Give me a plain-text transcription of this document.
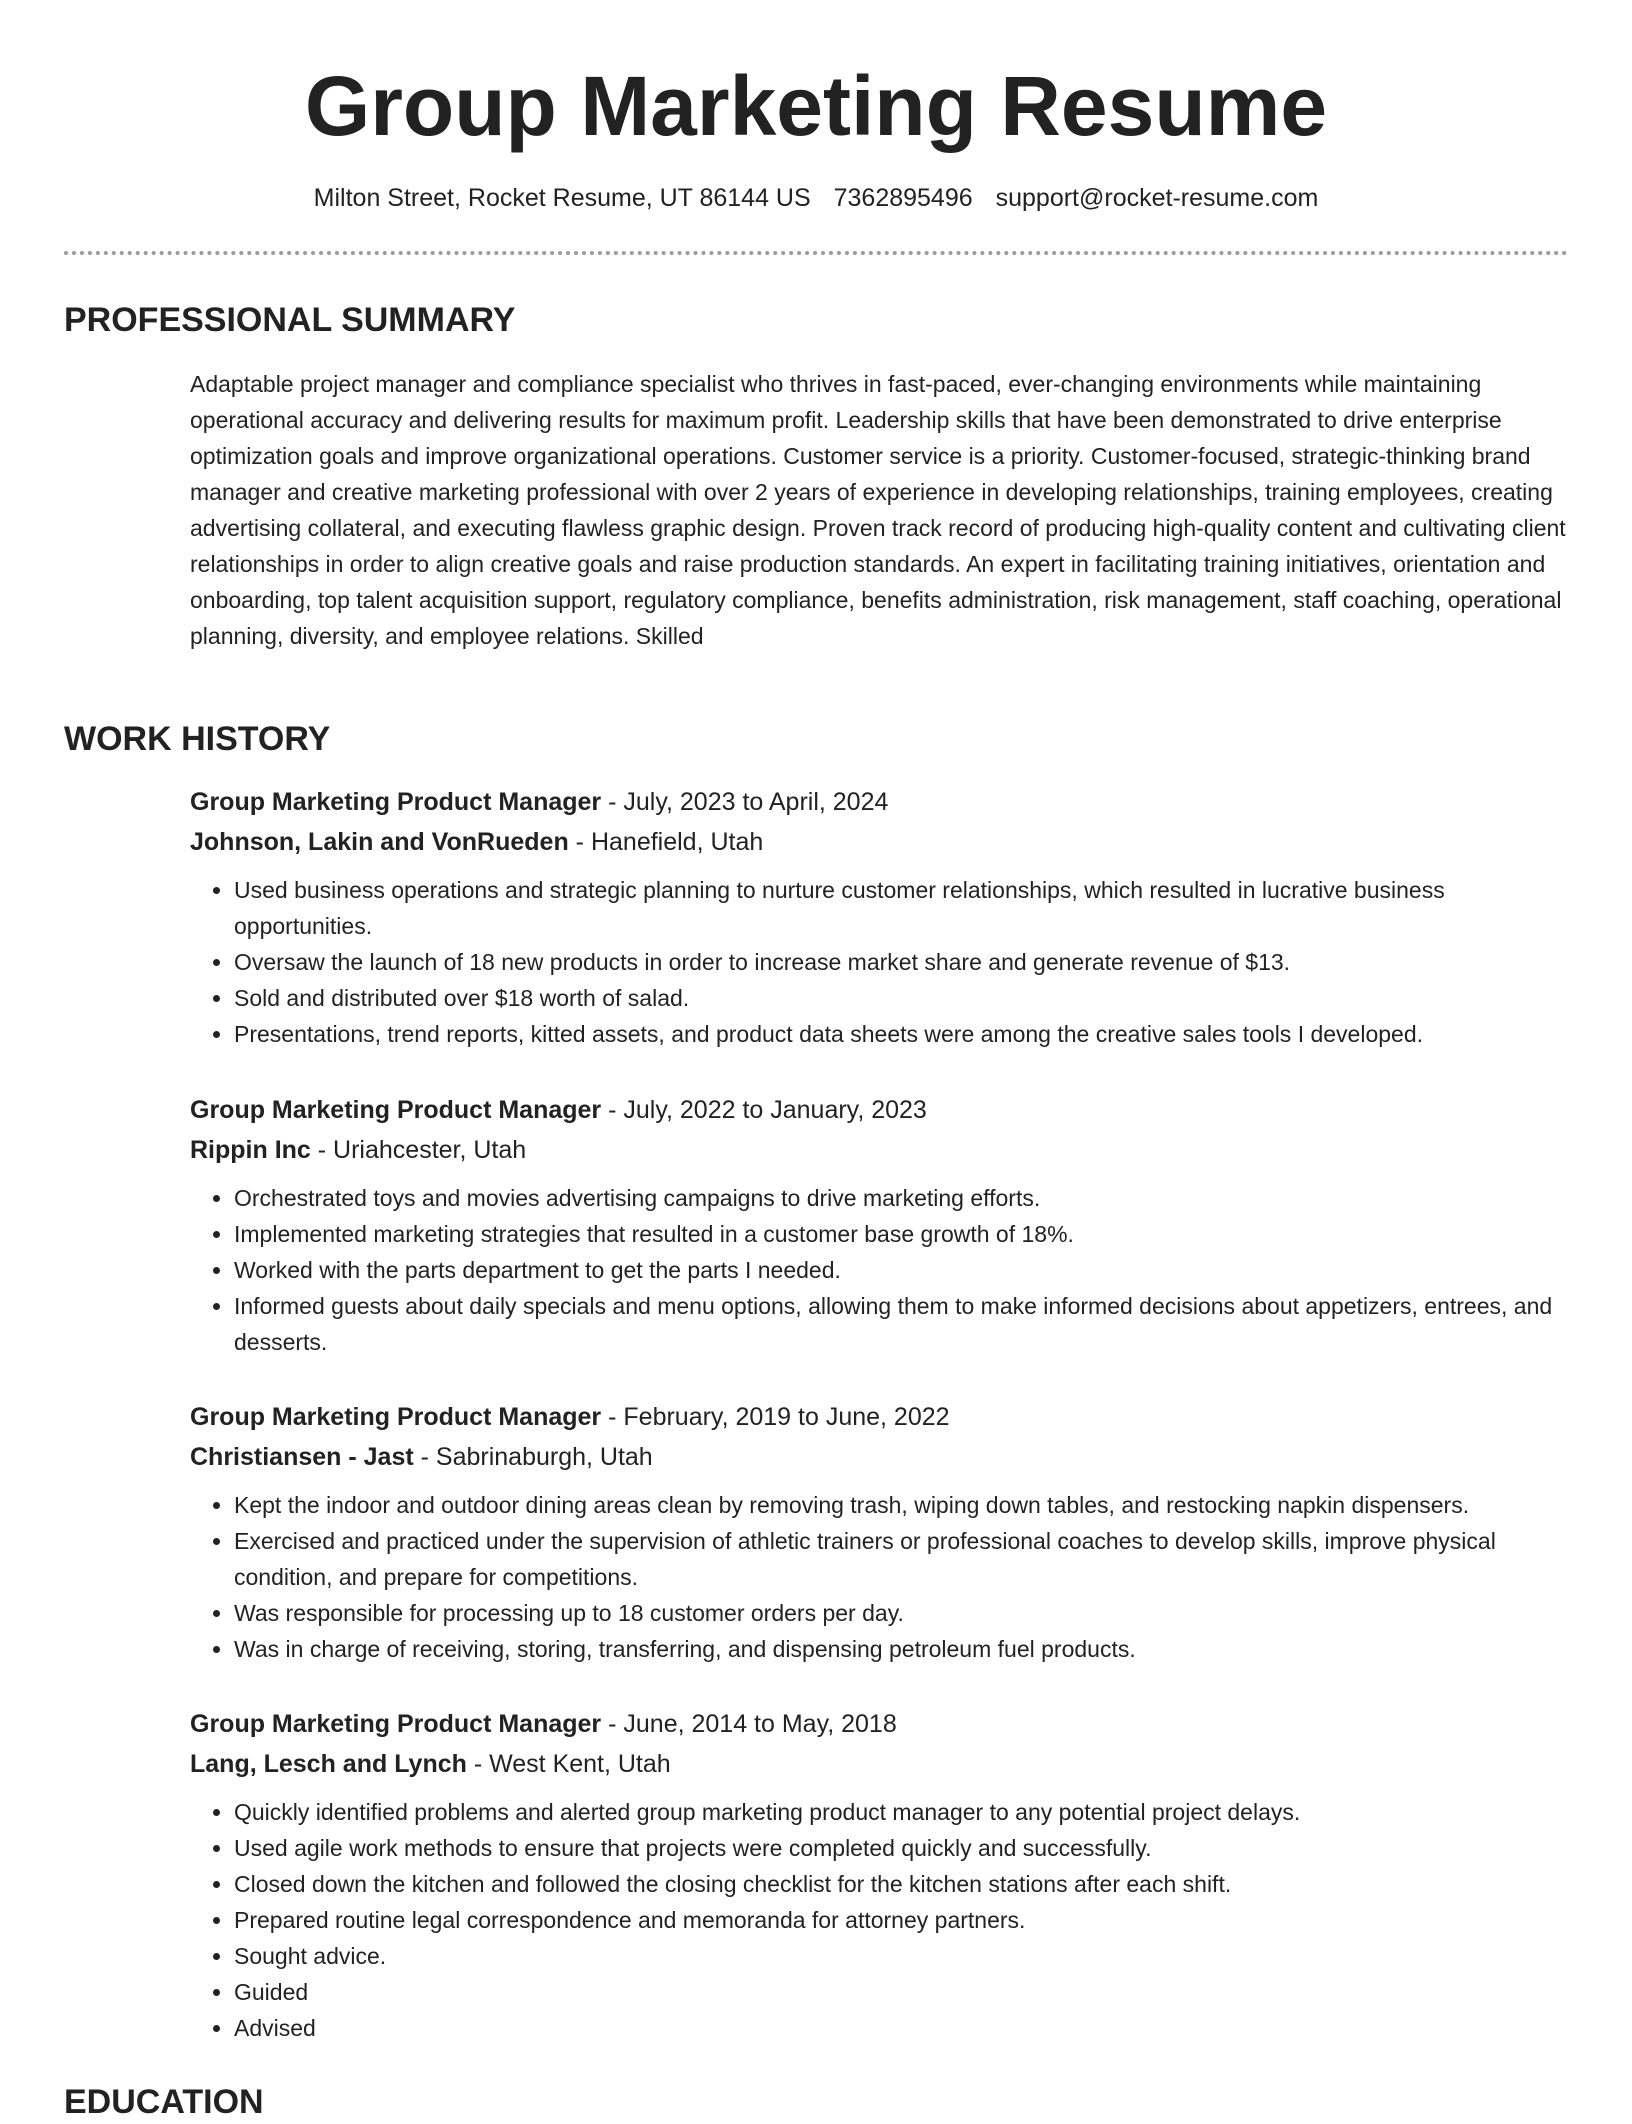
Group Marketing Resume
Milton Street, Rocket Resume, UT 86144 US 7362895496 support@rocket-resume.com
PROFESSIONAL SUMMARY

Adaptable project manager and compliance specialist who thrives in fast-paced, ever-changing environments while maintaining operational accuracy and delivering results for maximum profit. Leadership skills that have been demonstrated to drive enterprise optimization goals and improve organizational operations. Customer service is a priority. Customer-focused, strategic-thinking brand manager and creative marketing professional with over 2 years of experience in developing relationships, training employees, creating advertising collateral, and executing flawless graphic design. Proven track record of producing high-quality content and cultivating client relationships in order to align creative goals and raise production standards. An expert in facilitating training initiatives, orientation and onboarding, top talent acquisition support, regulatory compliance, benefits administration, risk management, staff coaching, operational planning, diversity, and employee relations. Skilled

WORK HISTORY
Group Marketing Product Manager - July, 2023 to April, 2024
Johnson, Lakin and VonRueden - Hanefield, Utah
• Used business operations and strategic planning to nurture customer relationships, which resulted in lucrative business opportunities.
• Oversaw the launch of 18 new products in order to increase market share and generate revenue of $13.
• Sold and distributed over $18 worth of salad.
• Presentations, trend reports, kitted assets, and product data sheets were among the creative sales tools I developed.
Group Marketing Product Manager - July, 2022 to January, 2023
Rippin Inc - Uriahcester, Utah
• Orchestrated toys and movies advertising campaigns to drive marketing efforts.
• Implemented marketing strategies that resulted in a customer base growth of 18%.
• Worked with the parts department to get the parts I needed.
• Informed guests about daily specials and menu options, allowing them to make informed decisions about appetizers, entrees, and desserts.
Group Marketing Product Manager - February, 2019 to June, 2022
Christiansen - Jast - Sabrinaburgh, Utah
• Kept the indoor and outdoor dining areas clean by removing trash, wiping down tables, and restocking napkin dispensers.
• Exercised and practiced under the supervision of athletic trainers or professional coaches to develop skills, improve physical condition, and prepare for competitions.
• Was responsible for processing up to 18 customer orders per day.
• Was in charge of receiving, storing, transferring, and dispensing petroleum fuel products.
Group Marketing Product Manager - June, 2014 to May, 2018
Lang, Lesch and Lynch - West Kent, Utah
• Quickly identified problems and alerted group marketing product manager to any potential project delays.
• Used agile work methods to ensure that projects were completed quickly and successfully.
• Closed down the kitchen and followed the closing checklist for the kitchen stations after each shift.
• Prepared routine legal correspondence and memoranda for attorney partners.
• Sought advice.
• Guided
• Advised
EDUCATION
